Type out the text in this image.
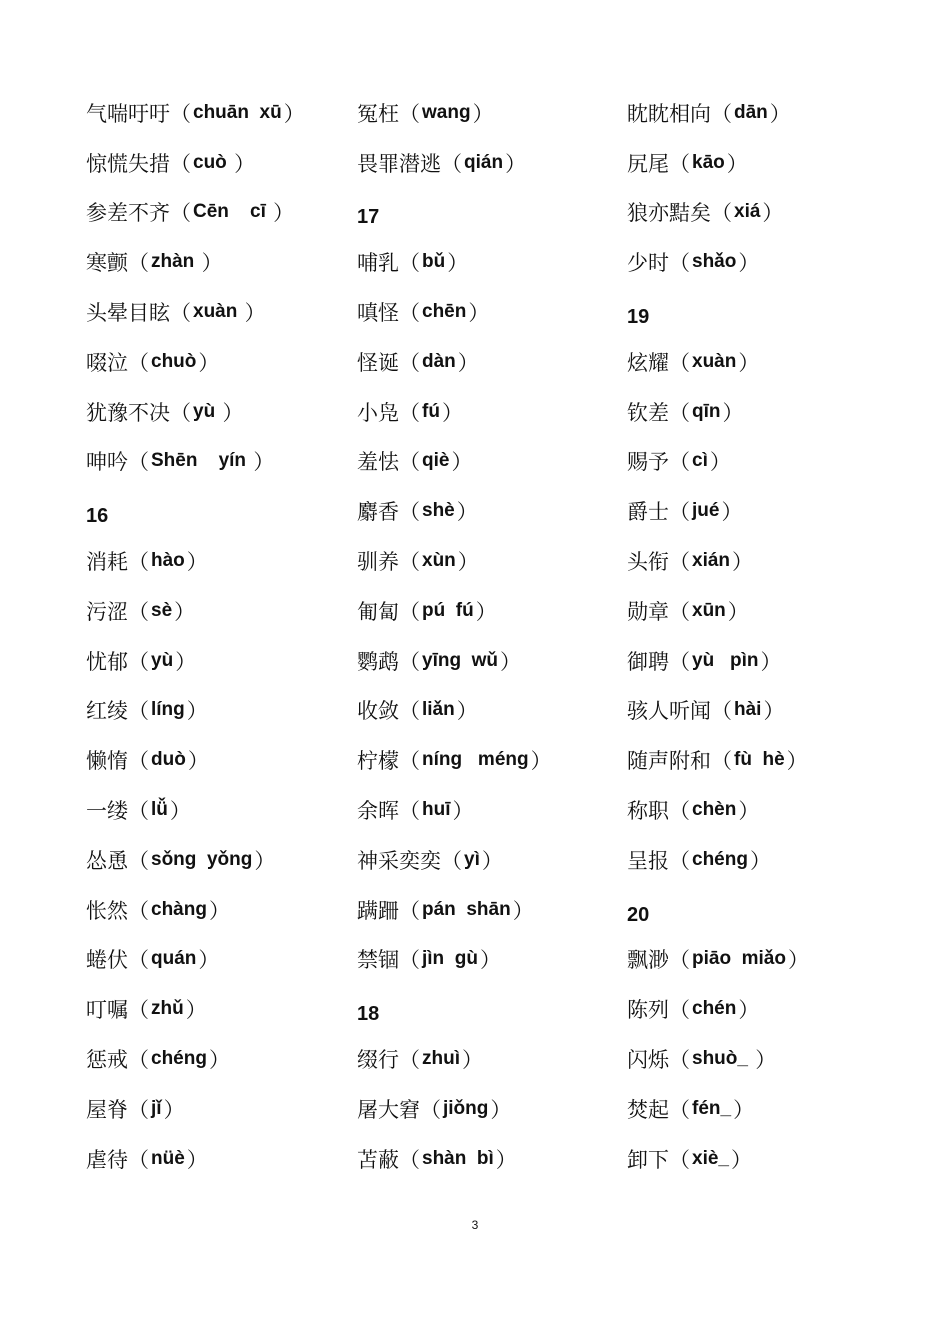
气喘吁吁 （ chuān  xū ）
惊慌失措 （ cuò ）
参差不齐 （ Cēn    cī ）
寒颤 （ zhàn ）
头晕目眩 （ xuàn ）
啜泣 （ chuò ）
犹豫不决 （ yù ）
呻吟 （ Shēn    yín ）
16
消耗 （ hào ）
污涩 （ sè ）
忧郁 （ yù ）
红绫 （ líng ）
懒惰 （ duò ）
一缕 （ lǚ ）
怂恿 （ sǒng  yǒng ）
怅然 （ chàng ）
蜷伏 （ quán ）
叮嘱 （ zhǔ ）
惩戒 （ chéng ）
屋脊 （ jǐ ）
虐待 （ nüè ）
冤枉 （ wang ）
畏罪潜逃 （ qián ）
17
哺乳 （ bǔ ）
嗔怪 （ chēn ）
怪诞 （ dàn ）
小凫 （ fú ）
羞怯 （ qiè ）
麝香 （ shè ）
驯养 （ xùn ）
匍匐 （ pú  fú ）
鹦鹉 （ yīng  wǔ ）
收敛 （ liǎn ）
柠檬 （ níng   méng ）
余晖 （ huī ）
神采奕奕 （ yì ）
蹒跚 （ pán  shān ）
禁锢 （ jìn  gù ）
18
缀行 （ zhuì ）
屠大窘 （ jiǒng ）
苫蔽 （ shàn  bì ）
眈眈相向 （ dān ）
尻尾 （ kāo ）
狼亦黠矣 （ xiá ）
少时 （ shǎo ）
19
炫耀 （ xuàn ）
钦差 （ qīn ）
赐予 （ cì ）
爵士 （ jué ）
头衔 （ xián ）
勋章 （ xūn ）
御聘 （ yù   pìn ）
骇人听闻 （ hài ）
随声附和 （ fù  hè ）
称职 （ chèn ）
呈报 （ chéng ）
20
飘渺 （ piāo  miǎo ）
陈列 （ chén ）
闪烁 （ shuò_ ）
焚起 （ fén_ ）
卸下 （ xiè_ ）
3
